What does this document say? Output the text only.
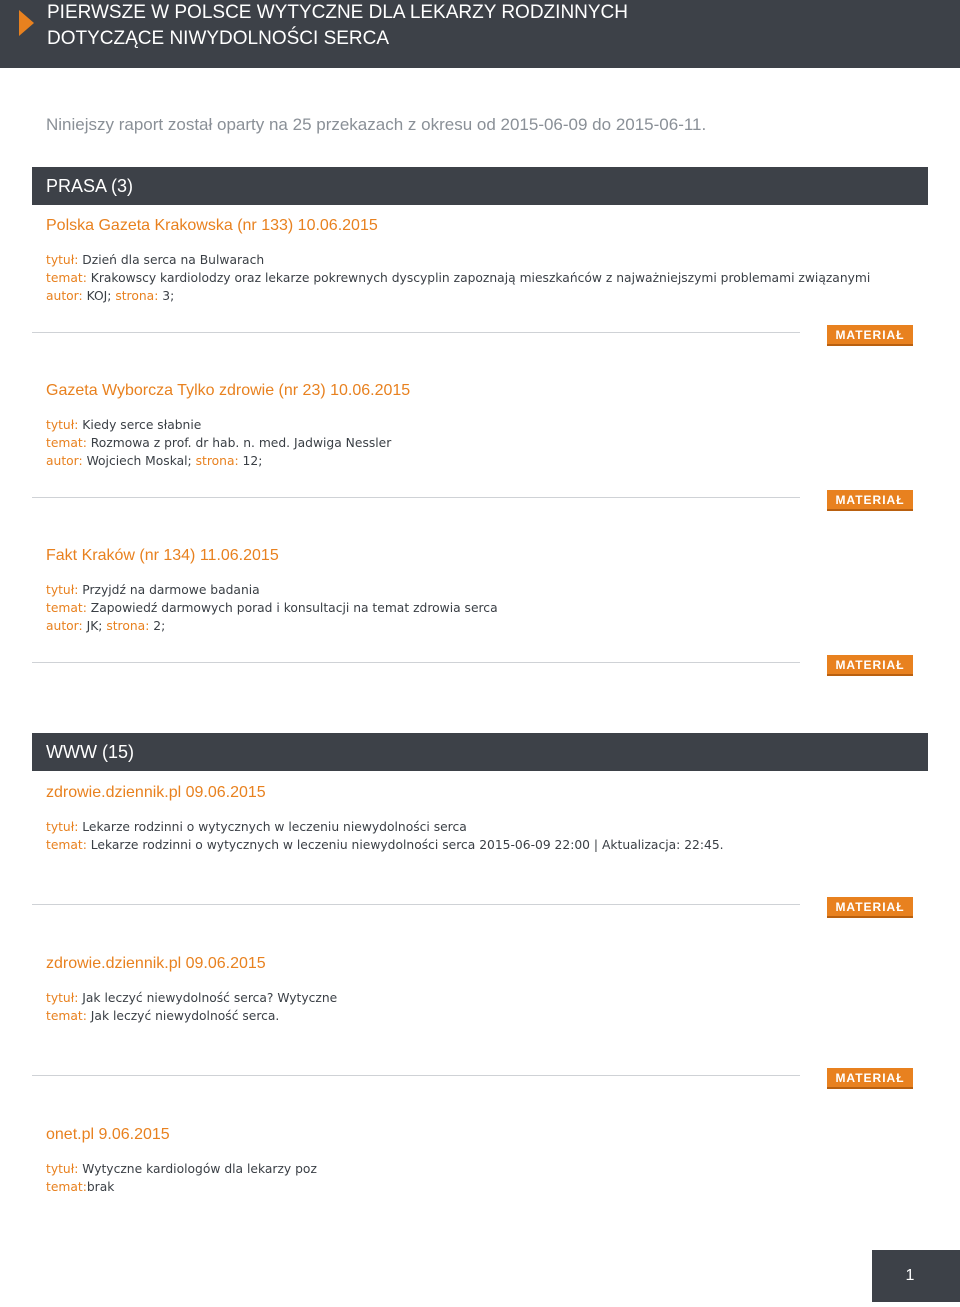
PIERWSZE W POLSCE WYTYCZNE DLA LEKARZY RODZINNYCH
DOTYCZĄCE NIWYDOLNOŚCI SERCA
Niniejszy raport został oparty na 25 przekazach z okresu od 2015-06-09 do 2015-06-11.
PRASA (3)
Polska Gazeta Krakowska (nr 133) 10.06.2015
tytuł: Dzień dla serca na Bulwarach
temat: Krakowscy kardiolodzy oraz lekarze pokrewnych dyscyplin zapoznają mieszkańców z najważniejszymi problemami związanymi
autor: KOJ; strona: 3;
MATERIAŁ
Gazeta Wyborcza Tylko zdrowie (nr 23) 10.06.2015
tytuł: Kiedy serce słabnie
temat: Rozmowa z prof. dr hab. n. med. Jadwiga Nessler
autor: Wojciech Moskal; strona: 12;
MATERIAŁ
Fakt Kraków (nr 134) 11.06.2015
tytuł: Przyjdź na darmowe badania
temat: Zapowiedź darmowych porad i konsultacji na temat zdrowia serca
autor: JK; strona: 2;
MATERIAŁ
WWW (15)
zdrowie.dziennik.pl 09.06.2015
tytuł: Lekarze rodzinni o wytycznych w leczeniu niewydolności serca
temat: Lekarze rodzinni o wytycznych w leczeniu niewydolności serca 2015-06-09 22:00 | Aktualizacja: 22:45.
MATERIAŁ
zdrowie.dziennik.pl 09.06.2015
tytuł: Jak leczyć niewydolność serca? Wytyczne
temat: Jak leczyć niewydolność serca.
MATERIAŁ
onet.pl 9.06.2015
tytuł: Wytyczne kardiologów dla lekarzy poz
temat:brak
1
